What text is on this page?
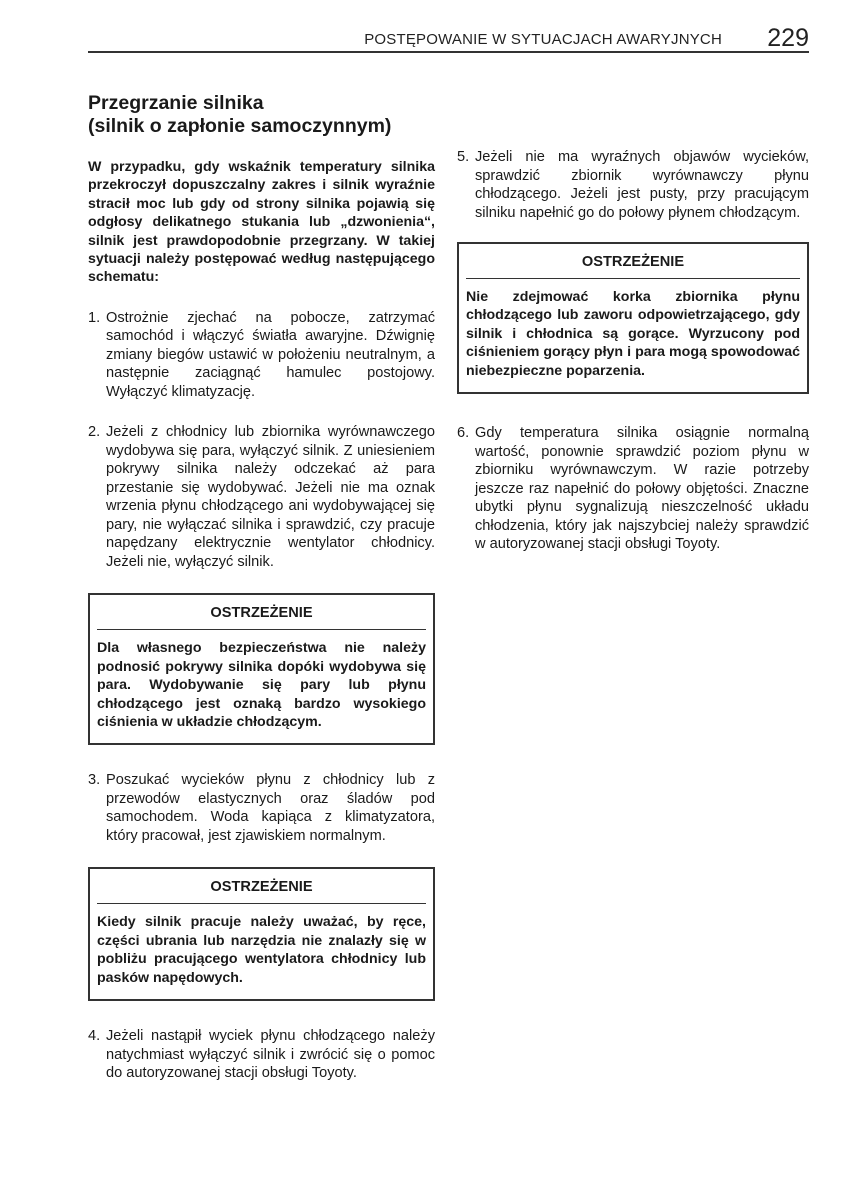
POSTĘPOWANIE W SYTUACJACH AWARYJNYCH 229
Przegrzanie silnika
(silnik o zapłonie samoczynnym)

W przypadku, gdy wskaźnik temperatury silnika przekroczył dopuszczalny zakres i silnik wyraźnie stracił moc lub gdy od strony silnika pojawią się odgłosy delikatnego stukania lub „dzwonienia“, silnik jest prawdopodobnie przegrzany. W takiej sytuacji należy postępować według następującego schematu:

1. Ostrożnie zjechać na pobocze, zatrzymać samochód i włączyć światła awaryjne. Dźwignię zmiany biegów ustawić w położeniu neutralnym, a następnie zaciągnąć hamulec postojowy. Wyłączyć klimatyzację.
2. Jeżeli z chłodnicy lub zbiornika wyrównawczego wydobywa się para, wyłączyć silnik. Z uniesieniem pokrywy silnika należy odczekać aż para przestanie się wydobywać. Jeżeli nie ma oznak wrzenia płynu chłodzącego ani wydobywającej się pary, nie wyłączać silnika i sprawdzić, czy pracuje napędzany elektrycznie wentylator chłodnicy. Jeżeli nie, wyłączyć silnik.
OSTRZEŻENIE
Dla własnego bezpieczeństwa nie należy podnosić pokrywy silnika dopóki wydobywa się para. Wydobywanie się pary lub płynu chłodzącego jest oznaką bardzo wysokiego ciśnienia w układzie chłodzącym.
3. Poszukać wycieków płynu z chłodnicy lub z przewodów elastycznych oraz śladów pod samochodem. Woda kapiąca z klimatyzatora, który pracował, jest zjawiskiem normalnym.
OSTRZEŻENIE
Kiedy silnik pracuje należy uważać, by ręce, części ubrania lub narzędzia nie znalazły się w pobliżu pracującego wentylatora chłodnicy lub pasków napędowych.
4. Jeżeli nastąpił wyciek płynu chłodzącego należy natychmiast wyłączyć silnik i zwrócić się o pomoc do autoryzowanej stacji obsługi Toyoty.
5. Jeżeli nie ma wyraźnych objawów wycieków, sprawdzić zbiornik wyrównawczy płynu chłodzącego. Jeżeli jest pusty, przy pracującym silniku napełnić go do połowy płynem chłodzącym.
OSTRZEŻENIE
Nie zdejmować korka zbiornika płynu chłodzącego lub zaworu odpowietrzającego, gdy silnik i chłodnica są gorące. Wyrzucony pod ciśnieniem gorący płyn i para mogą spowodować niebezpieczne poparzenia.
6. Gdy temperatura silnika osiągnie normalną wartość, ponownie sprawdzić poziom płynu w zbiorniku wyrównawczym. W razie potrzeby jeszcze raz napełnić do połowy objętości. Znaczne ubytki płynu sygnalizują nieszczelność układu chłodzenia, który jak najszybciej należy sprawdzić w autoryzowanej stacji obsługi Toyoty.
